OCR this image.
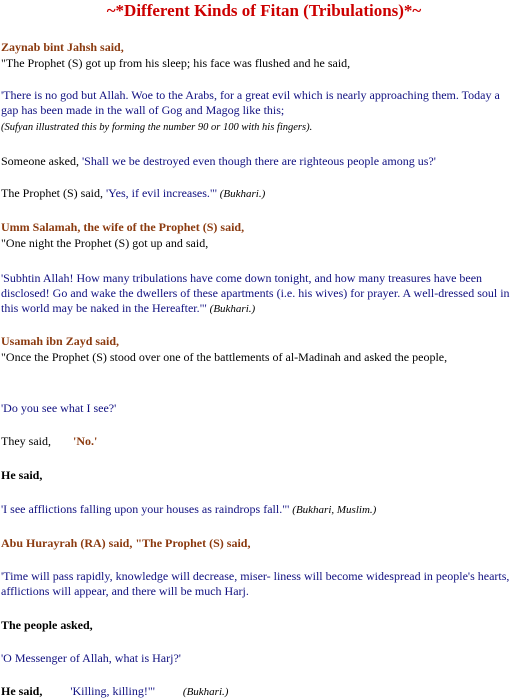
~*Different Kinds of Fitan (Tribulations)*~
Zaynab bint Jahsh said,
"The Prophet (S) got up from his sleep; his face was flushed and he said,
'There is no god but Allah. Woe to the Arabs, for a great evil which is nearly approaching them. Today a gap has been made in the wall of Gog and Magog like this;
(Sufyan illustrated this by forming the number 90 or 100 with his fingers).
Someone asked, 'Shall we be destroyed even though there are righteous people among us?'
The Prophet (S) said, 'Yes, if evil increases."' (Bukhari.)
Umm Salamah, the wife of the Prophet (S) said,
"One night the Prophet (S) got up and said,
'Subhtin Allah! How many tribulations have come down tonight, and how many treasures have been disclosed! Go and wake the dwellers of these apartments (i.e. his wives) for prayer. A well-dressed soul in this world may be naked in the Hereafter."' (Bukhari.)
Usamah ibn Zayd said,
"Once the Prophet (S) stood over one of the battlements of al-Madinah and asked the people,
'Do you see what I see?'
They said, 'No.'
He said,
'I see afflictions falling upon your houses as raindrops fall."' (Bukhari, Muslim.)
Abu Hurayrah (RA) said, "The Prophet (S) said,
'Time will pass rapidly, knowledge will decrease, miser- liness will become widespread in people's hearts, afflictions will appear, and there will be much Harj.
The people asked,
'O Messenger of Allah, what is Harj?'
He said, 'Killing, killing!"'	(Bukhari.)
